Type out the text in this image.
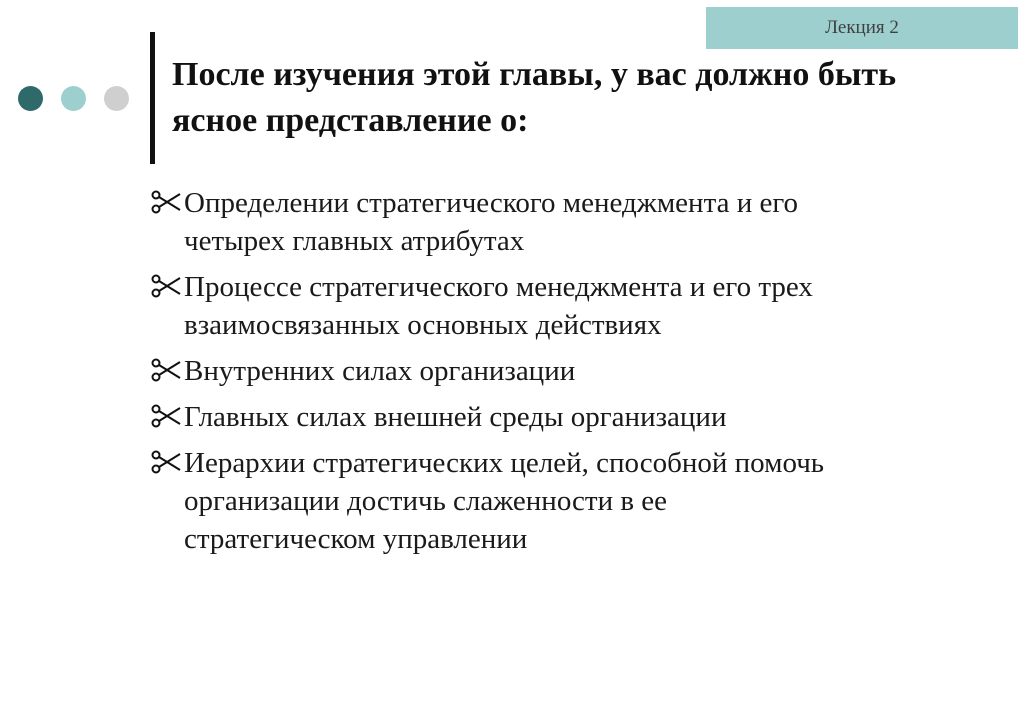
Лекция 2
После изучения этой главы, у вас должно быть
ясное представление о:
Определении стратегического менеджмента и его
четырех главных атрибутах
Процессе стратегического менеджмента и его трех
взаимосвязанных основных действиях
Внутренних силах организации
Главных силах внешней среды организации
Иерархии стратегических целей, способной помочь
организации достичь слаженности в ее
стратегическом управлении
